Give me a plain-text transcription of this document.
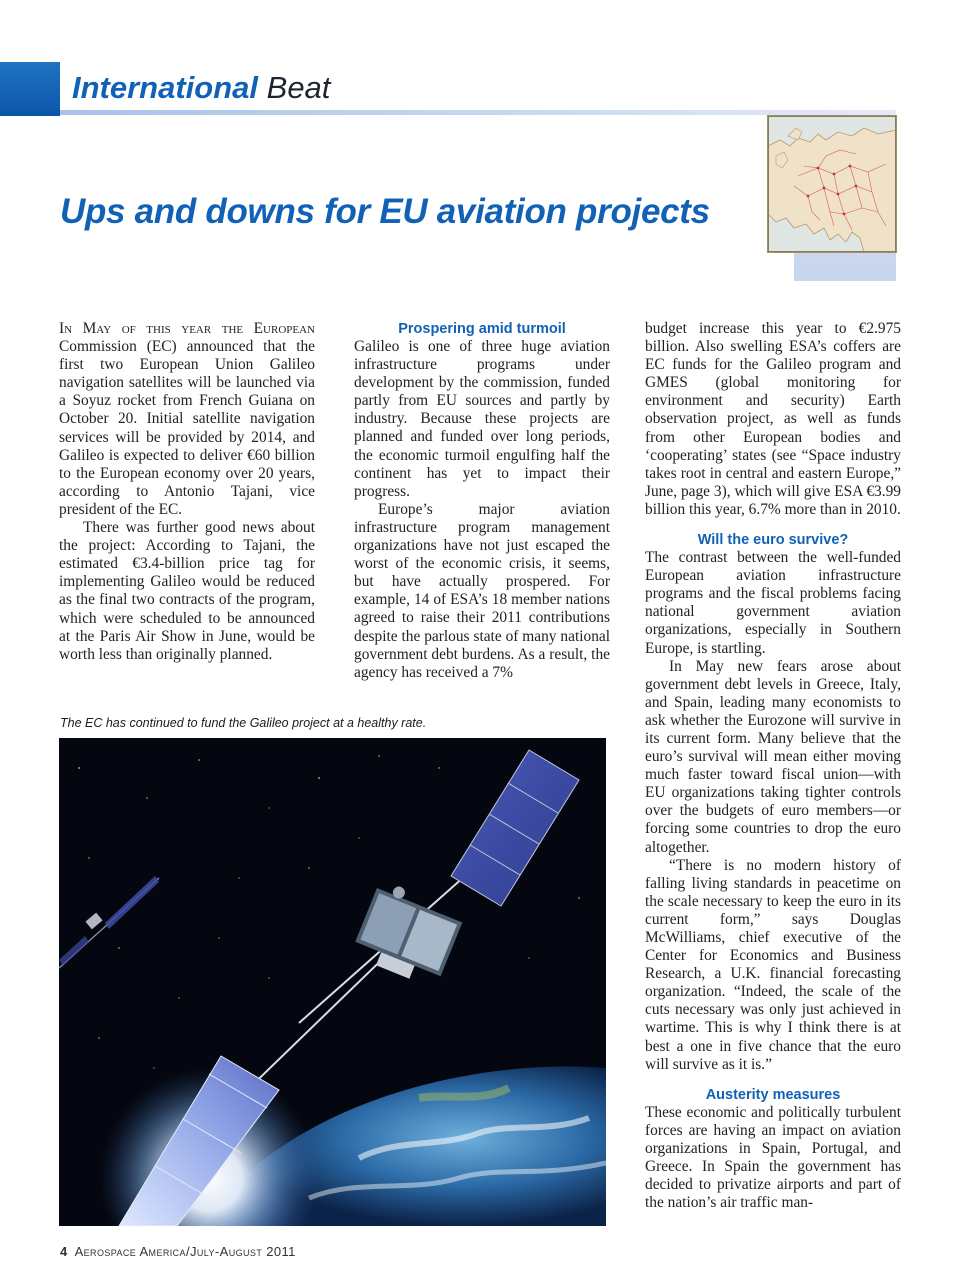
International Beat
Ups and downs for EU aviation projects

In May of this year the European Commission (EC) announced that the first two European Union Galileo navigation satellites will be launched via a Soyuz rocket from French Guiana on October 20. Initial satellite navigation services will be provided by 2014, and Galileo is expected to deliver €60 billion to the European economy over 20 years, according to Antonio Tajani, vice president of the EC.

There was further good news about the project: According to Tajani, the estimated €3.4-billion price tag for implementing Galileo would be reduced as the final two contracts of the program, which were scheduled to be announced at the Paris Air Show in June, would be worth less than originally planned.

Prospering amid turmoil

Galileo is one of three huge aviation infrastructure programs under development by the commission, funded partly from EU sources and partly by industry. Because these projects are planned and funded over long periods, the economic turmoil engulfing half the continent has yet to impact their progress.

Europe’s major aviation infrastructure program management organizations have not just escaped the worst of the economic crisis, it seems, but have actually prospered. For example, 14 of ESA’s 18 member nations agreed to raise their 2011 contributions despite the parlous state of many national government debt burdens. As a result, the agency has received a 7%

budget increase this year to €2.975 billion. Also swelling ESA’s coffers are EC funds for the Galileo program and GMES (global monitoring for environment and security) Earth observation project, as well as funds from other European bodies and ‘cooperating’ states (see “Space industry takes root in central and eastern Europe,” June, page 3), which will give ESA €3.99 billion this year, 6.7% more than in 2010.

Will the euro survive?

The contrast between the well-funded European aviation infrastructure programs and the fiscal problems facing national government aviation organizations, especially in Southern Europe, is startling.

In May new fears arose about government debt levels in Greece, Italy, and Spain, leading many economists to ask whether the Eurozone will survive in its current form. Many believe that the euro’s survival will mean either moving much faster toward fiscal union—with EU organizations taking tighter controls over the budgets of euro members—or forcing some countries to drop the euro altogether.

“There is no modern history of falling living standards in peacetime on the scale necessary to keep the euro in its current form,” says Douglas McWilliams, chief executive of the Center for Economics and Business Research, a U.K. financial forecasting organization. “Indeed, the scale of the cuts necessary was only just achieved in wartime. This is why I think there is at best a one in five chance that the euro will survive as it is.”

Austerity measures

These economic and politically turbulent forces are having an impact on aviation organizations in Spain, Portugal, and Greece. In Spain the government has decided to privatize airports and part of the nation’s air traffic man-

The EC has continued to fund the Galileo project at a healthy rate.

4 Aerospace America/July-August 2011
